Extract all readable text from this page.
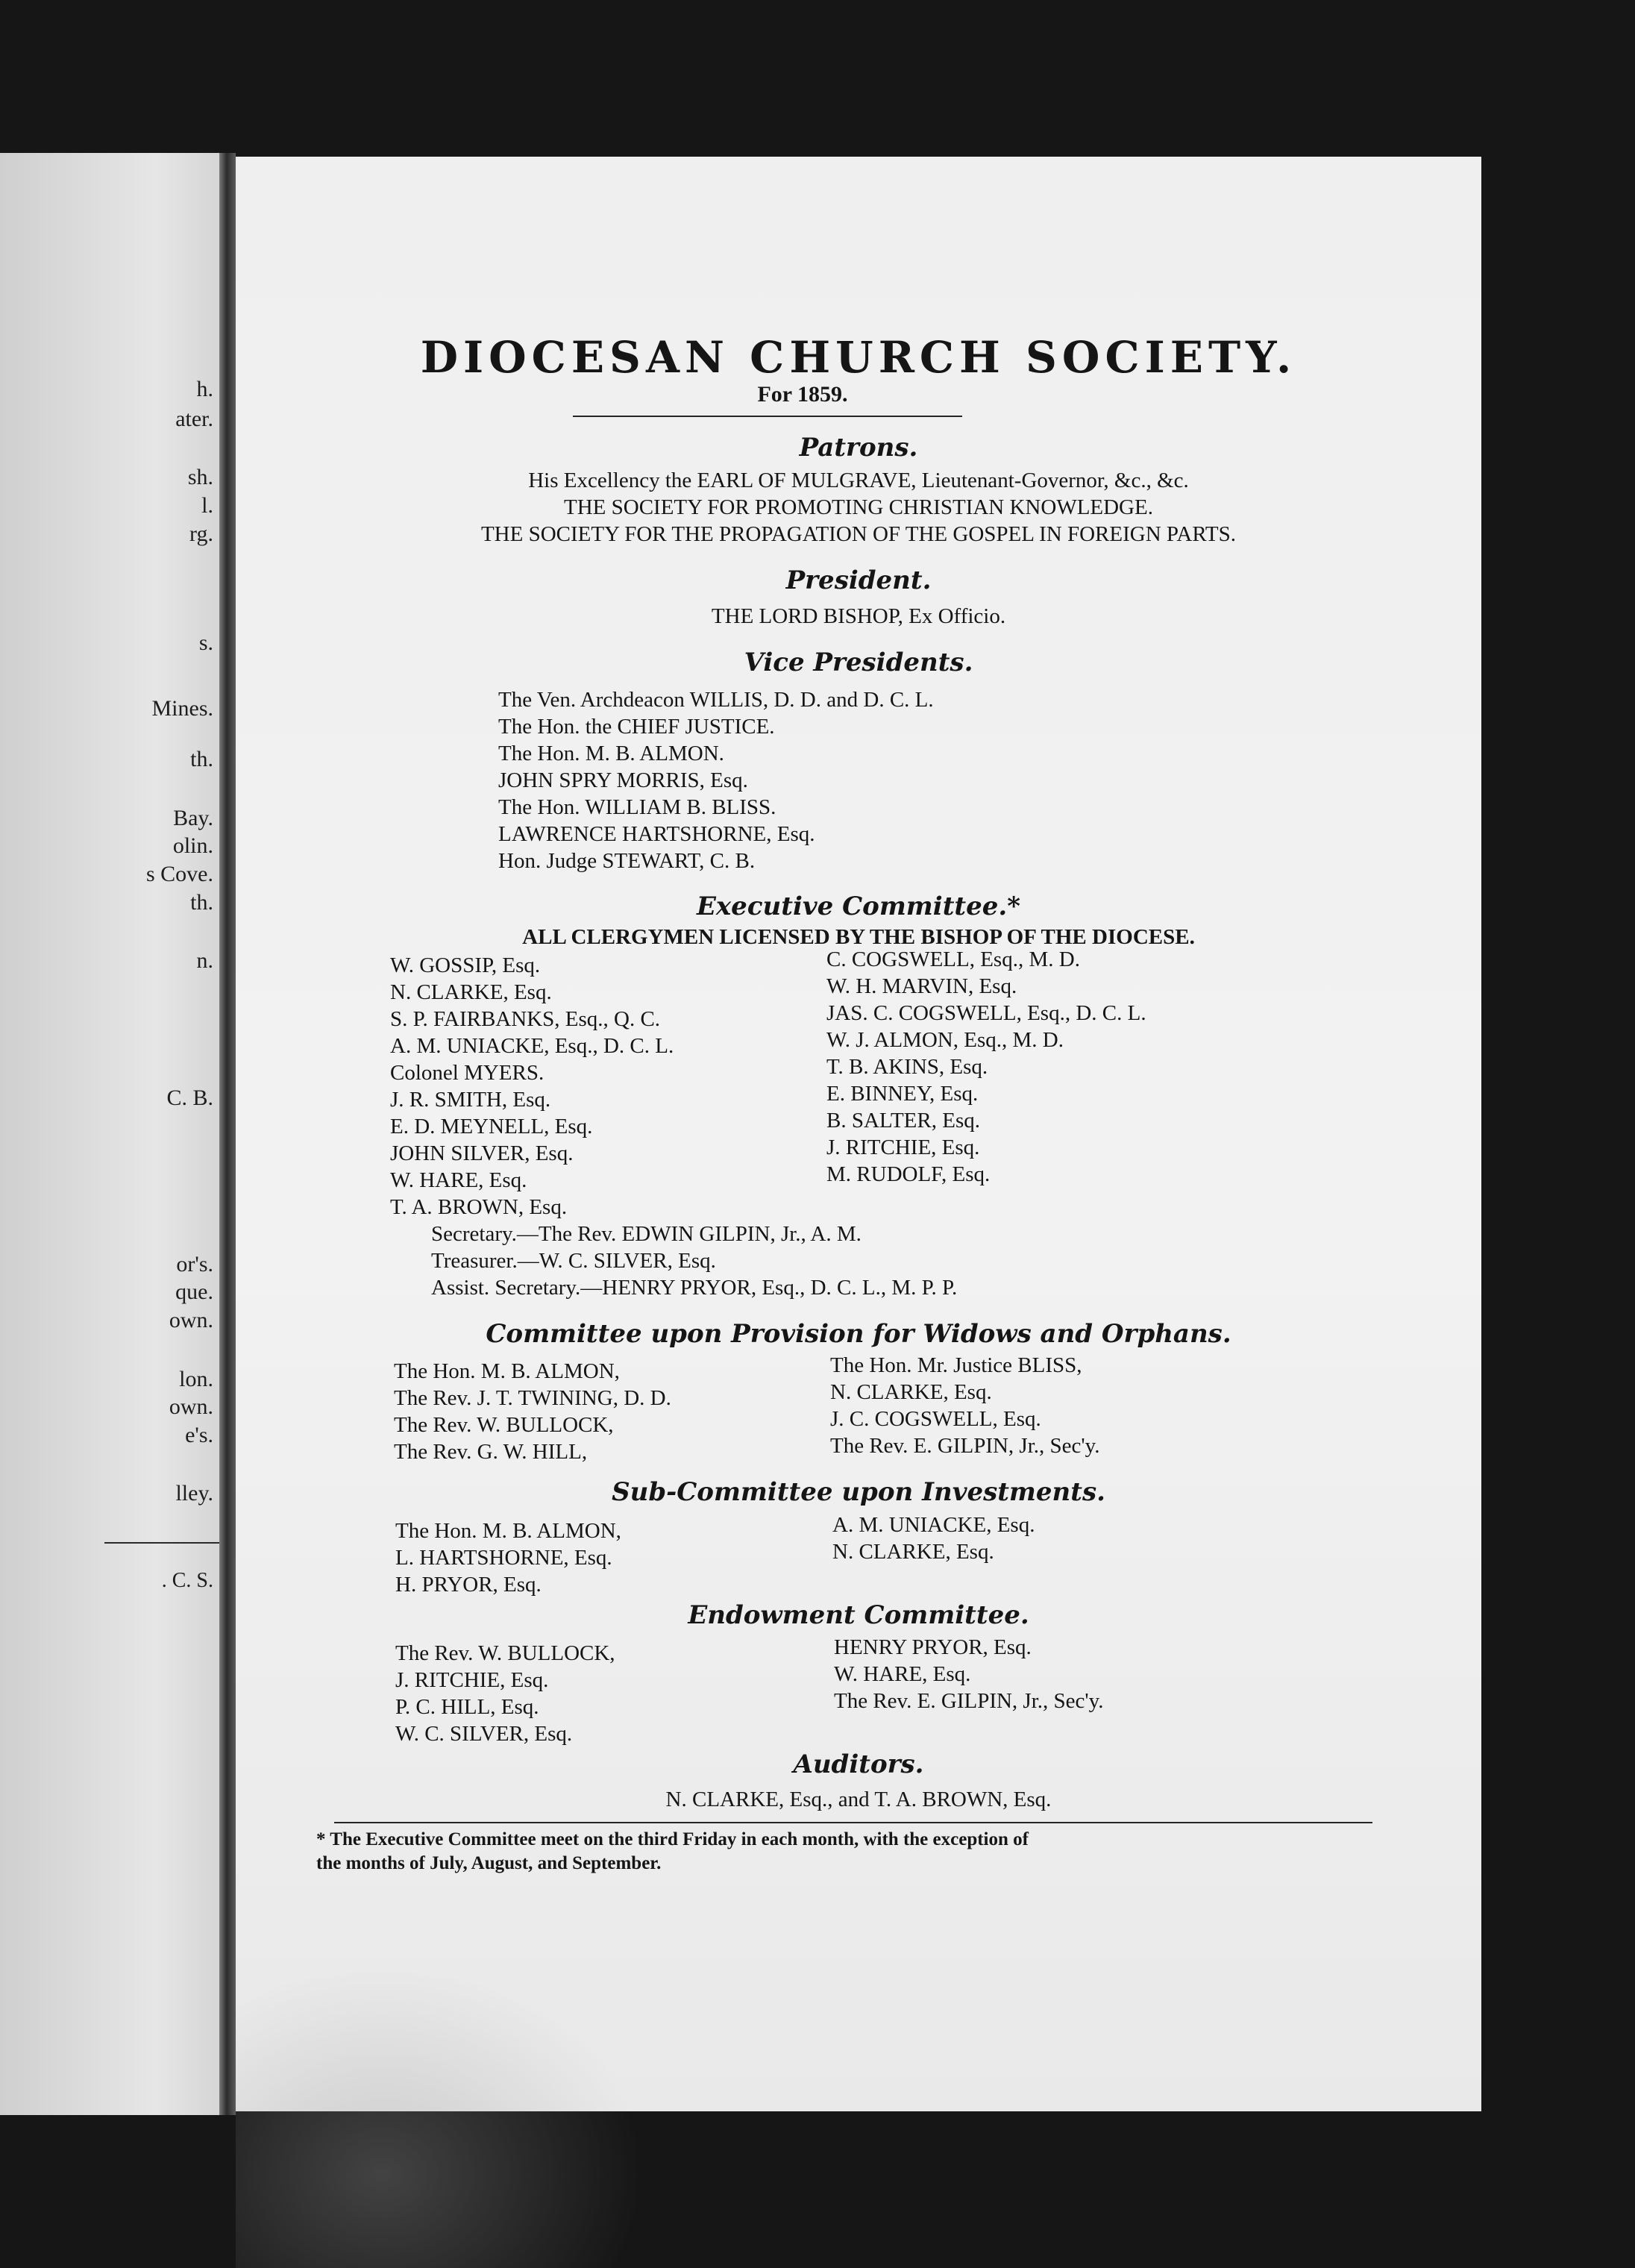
h.
ater.
sh.
l.
rg.
s.
Mines.
th.
Bay.
olin.
s Cove.
th.
n.
C. B.
or's.
que.
own.
lon.
own.
e's.
lley.
. C. S.
DIOCESAN CHURCH SOCIETY.
For 1859.
Patrons.
His Excellency the EARL OF MULGRAVE, Lieutenant-Governor, &c., &c.
THE SOCIETY FOR PROMOTING CHRISTIAN KNOWLEDGE.
THE SOCIETY FOR THE PROPAGATION OF THE GOSPEL IN FOREIGN PARTS.
President.
THE LORD BISHOP, Ex Officio.
Vice Presidents.
The Ven. Archdeacon WILLIS, D. D. and D. C. L.
The Hon. the CHIEF JUSTICE.
The Hon. M. B. ALMON.
JOHN SPRY MORRIS, Esq.
The Hon. WILLIAM B. BLISS.
LAWRENCE HARTSHORNE, Esq.
Hon. Judge STEWART, C. B.
Executive Committee.*
ALL CLERGYMEN LICENSED BY THE BISHOP OF THE DIOCESE.
W. GOSSIP, Esq.
N. CLARKE, Esq.
S. P. FAIRBANKS, Esq., Q. C.
A. M. UNIACKE, Esq., D. C. L.
Colonel MYERS.
J. R. SMITH, Esq.
E. D. MEYNELL, Esq.
JOHN SILVER, Esq.
W. HARE, Esq.
T. A. BROWN, Esq.
C. COGSWELL, Esq., M. D.
W. H. MARVIN, Esq.
JAS. C. COGSWELL, Esq., D. C. L.
W. J. ALMON, Esq., M. D.
T. B. AKINS, Esq.
E. BINNEY, Esq.
B. SALTER, Esq.
J. RITCHIE, Esq.
M. RUDOLF, Esq.
Secretary.—The Rev. EDWIN GILPIN, Jr., A. M.
Treasurer.—W. C. SILVER, Esq.
Assist. Secretary.—HENRY PRYOR, Esq., D. C. L., M. P. P.
Committee upon Provision for Widows and Orphans.
The Hon. M. B. ALMON,
The Rev. J. T. TWINING, D. D.
The Rev. W. BULLOCK,
The Rev. G. W. HILL,
The Hon. Mr. Justice BLISS,
N. CLARKE, Esq.
J. C. COGSWELL, Esq.
The Rev. E. GILPIN, Jr., Sec'y.
Sub-Committee upon Investments.
The Hon. M. B. ALMON,
L. HARTSHORNE, Esq.
H. PRYOR, Esq.
A. M. UNIACKE, Esq.
N. CLARKE, Esq.
Endowment Committee.
The Rev. W. BULLOCK,
J. RITCHIE, Esq.
P. C. HILL, Esq.
W. C. SILVER, Esq.
HENRY PRYOR, Esq.
W. HARE, Esq.
The Rev. E. GILPIN, Jr., Sec'y.
Auditors.
N. CLARKE, Esq., and T. A. BROWN, Esq.
* The Executive Committee meet on the third Friday in each month, with the exception of
the months of July, August, and September.
